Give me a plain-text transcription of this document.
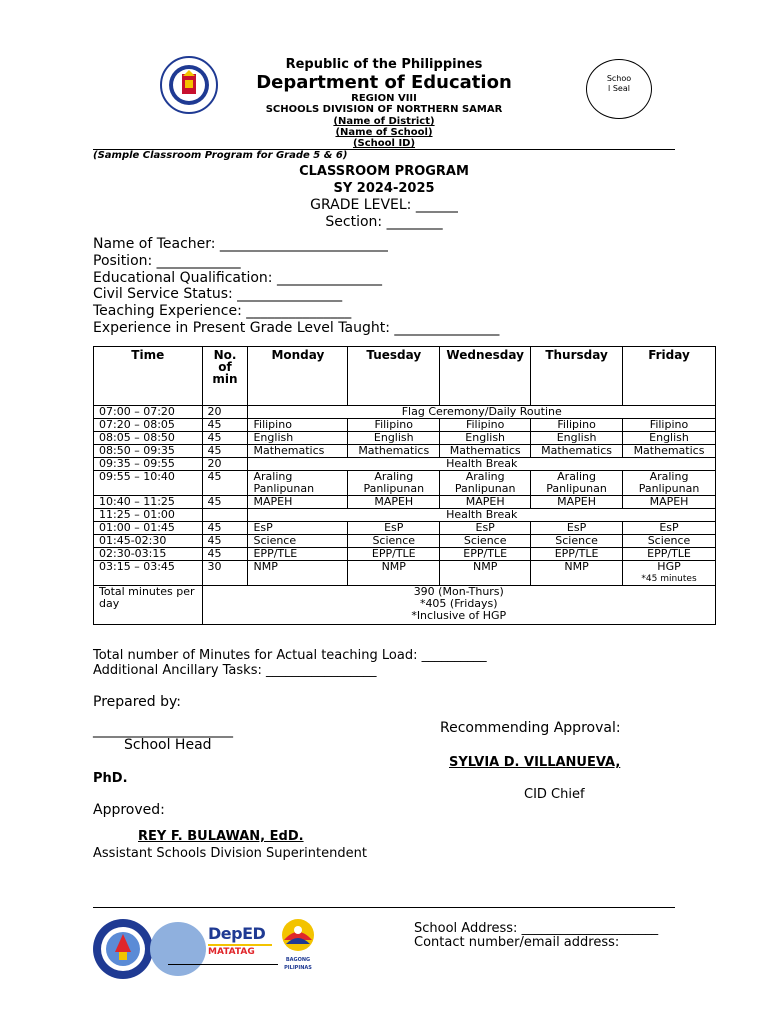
Republic of the Philippines
Department of Education
REGION VIII
SCHOOLS DIVISION OF NORTHERN SAMAR
(Name of District)
(Name of School)
(School ID)
Schoo
l Seal
(Sample Classroom Program for Grade 5 & 6)
CLASSROOM PROGRAM
SY 2024-2025
GRADE LEVEL: ______
Section: ________
Name of Teacher: ________________________
Position: ____________
Educational Qualification: _______________
Civil Service Status: _______________
Teaching Experience: _______________
Experience in Present Grade Level Taught: _______________
Time	No. of min	Monday	Tuesday	Wednesday	Thursday	Friday
07:00 – 07:20	20	Flag Ceremony/Daily Routine				
07:20 – 08:05	45	Filipino	Filipino	Filipino	Filipino	Filipino
08:05 – 08:50	45	English	English	English	English	English
08:50 – 09:35	45	Mathematics	Mathematics	Mathematics	Mathematics	Mathematics
09:35 – 09:55	20	Health Break				
09:55 – 10:40	45	Araling Panlipunan	Araling Panlipunan	Araling Panlipunan	Araling Panlipunan	Araling Panlipunan
10:40 – 11:25	45	MAPEH	MAPEH	MAPEH	MAPEH	MAPEH
11:25 – 01:00		Health Break				
01:00 – 01:45	45	EsP	EsP	EsP	EsP	EsP
01:45-02:30	45	Science	Science	Science	Science	Science
02:30-03:15	45	EPP/TLE	EPP/TLE	EPP/TLE	EPP/TLE	EPP/TLE
03:15 – 03:45	30	NMP	NMP	NMP	NMP	HGP
*45 minutes

Total minutes per day	390 (Mon-Thurs)
*405 (Fridays)
*Inclusive of HGP					
Total number of Minutes for Actual teaching Load: __________
Additional Ancillary Tasks: _________________
Prepared by:
____________________
School Head
Recommending Approval:
SYLVIA D. VILLANUEVA,
PhD.
CID Chief
Approved:
REY F. BULAWAN, EdD.
Assistant Schools Division Superintendent
DepED
MATATAG
BAGONG PILIPINAS
School Address: _____________________
Contact number/email address:
